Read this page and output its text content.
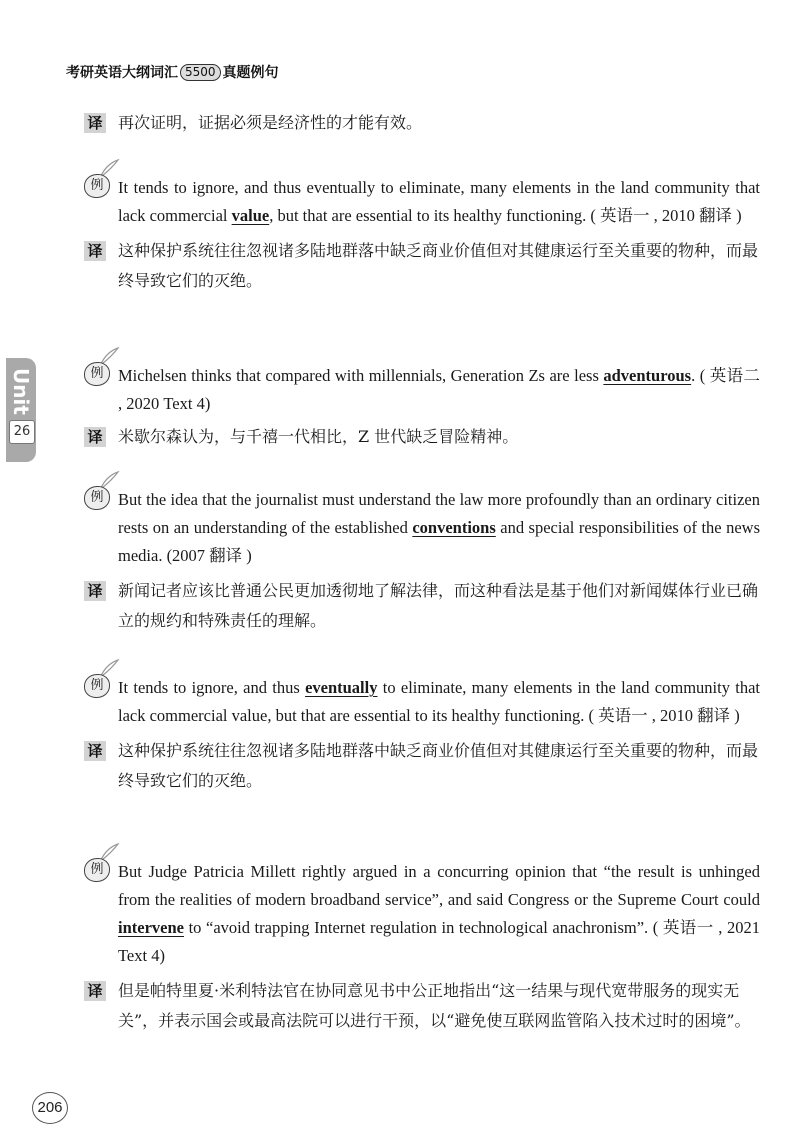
考研英语大纲词汇 5500 真题例句
Unit
26
译 再次证明，证据必须是经济性的才能有效。
例 It tends to ignore, and thus eventually to eliminate, many elements in the land community that lack commercial value, but that are essential to its healthy functioning. ( 英语一 , 2010 翻译 )
译 这种保护系统往往忽视诸多陆地群落中缺乏商业价值但对其健康运行至关重要的物种，而最终导致它们的灭绝。
例 Michelsen thinks that compared with millennials, Generation Zs are less adventurous. ( 英语二 , 2020 Text 4)
译 米歇尔森认为，与千禧一代相比，Z 世代缺乏冒险精神。
例 But the idea that the journalist must understand the law more profoundly than an ordinary citizen rests on an understanding of the established conventions and special responsibilities of the news media. (2007 翻译 )
译 新闻记者应该比普通公民更加透彻地了解法律，而这种看法是基于他们对新闻媒体行业已确立的规约和特殊责任的理解。
例 It tends to ignore, and thus eventually to eliminate, many elements in the land community that lack commercial value, but that are essential to its healthy functioning. ( 英语一 , 2010 翻译 )
译 这种保护系统往往忽视诸多陆地群落中缺乏商业价值但对其健康运行至关重要的物种，而最终导致它们的灭绝。
例 But Judge Patricia Millett rightly argued in a concurring opinion that “the result is unhinged from the realities of modern broadband service”, and said Congress or the Supreme Court could intervene to “avoid trapping Internet regulation in technological anachronism”. ( 英语一 , 2021 Text 4)
译 但是帕特里夏·米利特法官在协同意见书中公正地指出“这一结果与现代宽带服务的现实无关”，并表示国会或最高法院可以进行干预，以“避免使互联网监管陷入技术过时的困境”。
206
